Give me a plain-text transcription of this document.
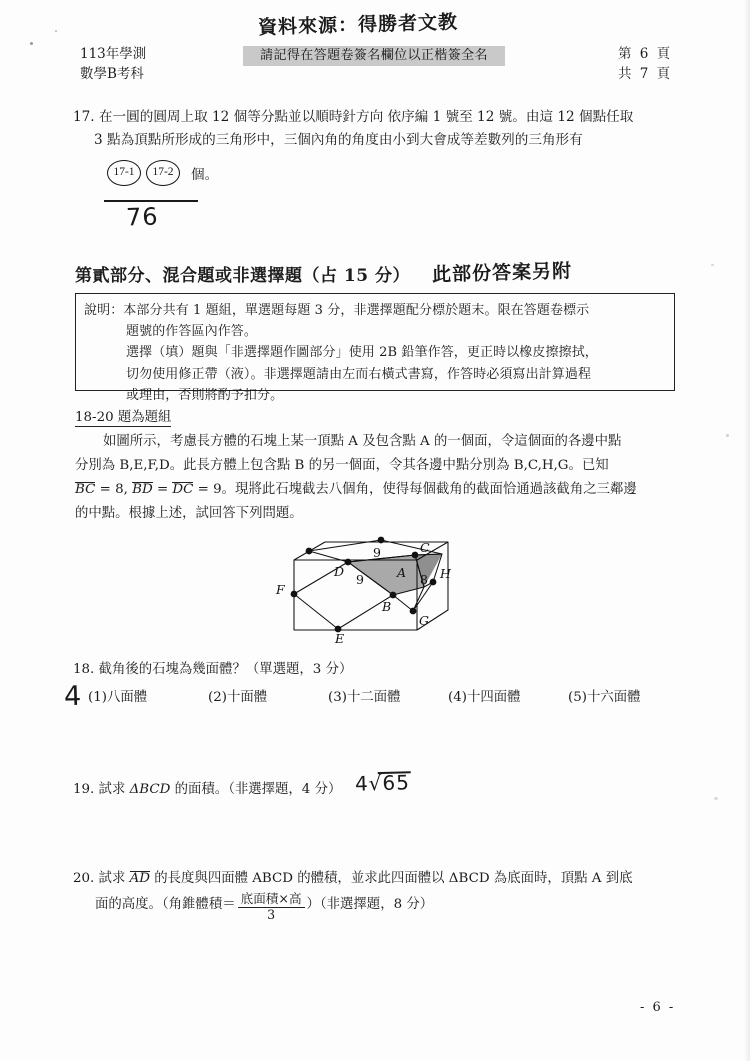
資料來源：得勝者文教
113年學測
數學B考科
請記得在答題卷簽名欄位以正楷簽全名	第 6 頁
共 7 頁
17. 在一圓的圓周上取 12 個等分點並以順時針方向 依序編 1 號至 12 號。由這 12 個點任取
3 點為頂點所形成的三角形中，三個內角的角度由小到大會成等差數列的三角形有
17-1	17-2	個。
76
第貳部分、混合題或非選擇題（占 15 分） 此部份答案另附
說明：本部分共有 1 題組，單選題每題 3 分，非選擇題配分標於題末。限在答題卷標示
題號的作答區內作答。
選擇（填）題與「非選擇題作圖部分」使用 2B 鉛筆作答，更正時以橡皮擦擦拭，
切勿使用修正帶（液）。非選擇題請由左而右橫式書寫，作答時必須寫出計算過程
或理由，否則將酌予扣分。
18-20 題為題組
如圖所示，考慮長方體的石塊上某一頂點 A 及包含點 A 的一個面，令這個面的各邊中點
分別為 B,E,F,D。此長方體上包含點 B 的另一個面，令其各邊中點分別為 B,C,H,G。已知
BC = 8, BD = DC = 9。現將此石塊截去八個角，使得每個截角的截面恰通過該截角之三鄰邊
的中點。根據上述，試回答下列問題。
F
E
B
D	A
C
H
G
9
9	8
18. 截角後的石塊為幾面體？（單選題，3 分）
4 (1)八面體	(2)十面體	(3)十二面體	(4)十四面體	(5)十六面體
19. 試求 ΔBCD 的面積。（非選擇題，4 分） 4
√65
20. 試求 AD 的長度與四面體 ABCD 的體積，並求此四面體以 ΔBCD 為底面時，頂點 A 到底
面的高度。（角錐體積＝ $\frac{\text{底面積×高}}{3}$ ）（非選擇題，8 分）
- 6 -
